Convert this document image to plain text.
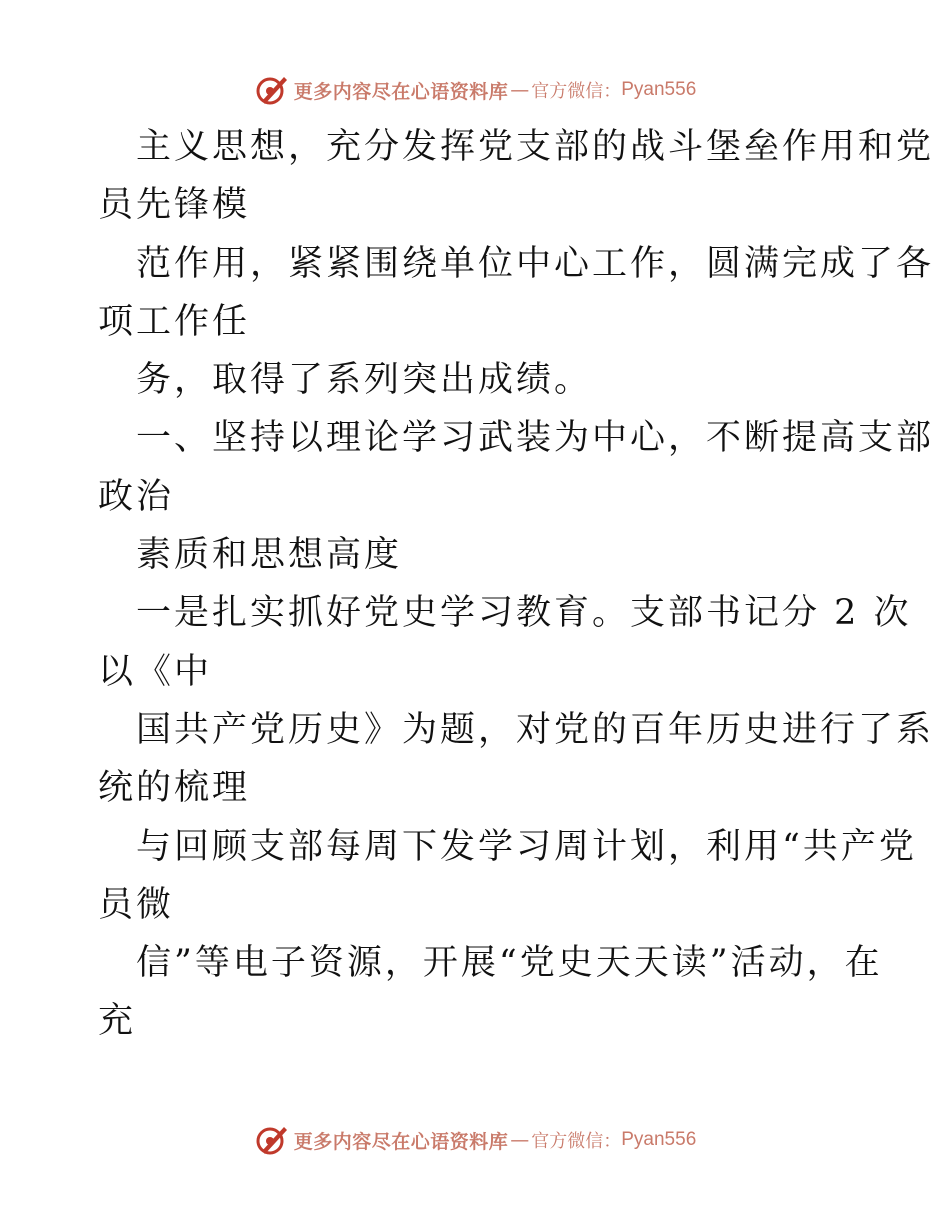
更多内容尽在心语资料库 — 官方微信： Pyan556
主义思想，充分发挥党支部的战斗堡垒作用和党
员先锋模
范作用，紧紧围绕单位中心工作，圆满完成了各
项工作任
务，取得了系列突出成绩。
一、坚持以理论学习武装为中心，不断提高支部
政治
素质和思想高度
一是扎实抓好党史学习教育。支部书记分 2 次
以《中
国共产党历史》为题，对党的百年历史进行了系
统的梳理
与回顾支部每周下发学习周计划，利用“共产党
员微
信”等电子资源，开展“党史天天读”活动，在
充
更多内容尽在心语资料库 — 官方微信： Pyan556
